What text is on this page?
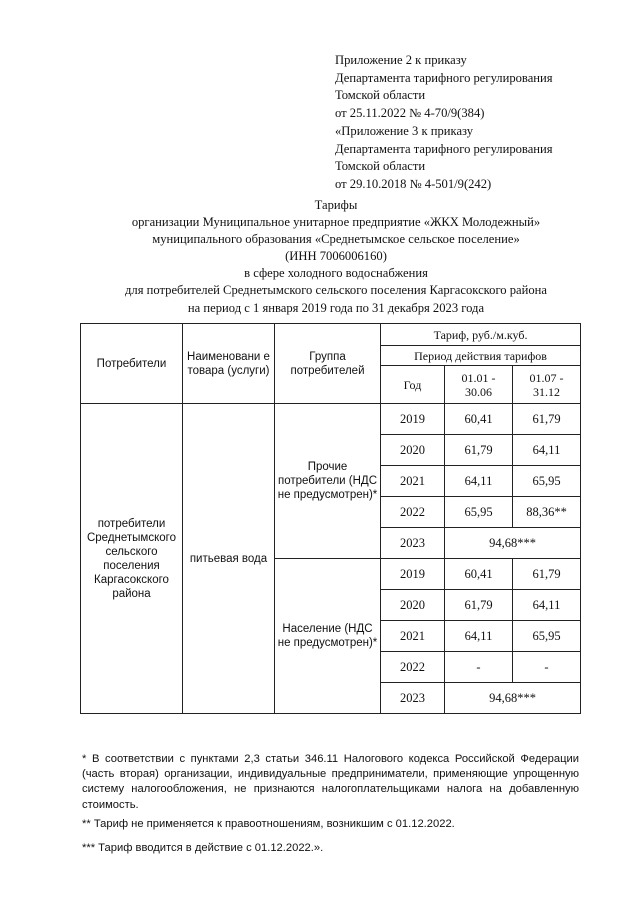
Приложение 2 к приказу
Департамента тарифного регулирования
Томской области
от 25.11.2022 № 4-70/9(384)
«Приложение 3 к приказу
Департамента тарифного регулирования
Томской области
от 29.10.2018 № 4-501/9(242)
Тарифы
организации Муниципальное унитарное предприятие «ЖКХ Молодежный»
муниципального образования «Среднетымское сельское поселение»
(ИНН 7006006160)
в сфере холодного водоснабжения
для потребителей Среднетымского сельского поселения Каргасокского района
на период с 1 января 2019 года по 31 декабря 2023 года
Потребители	Наименовани е товара (услуги)	Группа потребителей	Тариф, руб./м.куб.		
			Период действия тарифов		
			Год	01.01 - 30.06	01.07 - 31.12
потребители Среднетымского сельского поселения Каргасокского района	питьевая вода	Прочие потребители (НДС не предусмотрен)*	2019	60,41	61,79
			2020	61,79	64,11
			2021	64,11	65,95
			2022	65,95	88,36**
			2023	94,68***	
		Население (НДС не предусмотрен)*	2019	60,41	61,79
			2020	61,79	64,11
			2021	64,11	65,95
			2022	-	-
			2023	94,68***	
* В соответствии с пунктами 2,3 статьи 346.11 Налогового кодекса Российской Федерации (часть вторая) организации, индивидуальные предприниматели, применяющие упрощенную систему налогообложения, не признаются налогоплательщиками налога на добавленную стоимость.
** Тариф не применяется к правоотношениям, возникшим с 01.12.2022.
*** Тариф вводится в действие с 01.12.2022.».
